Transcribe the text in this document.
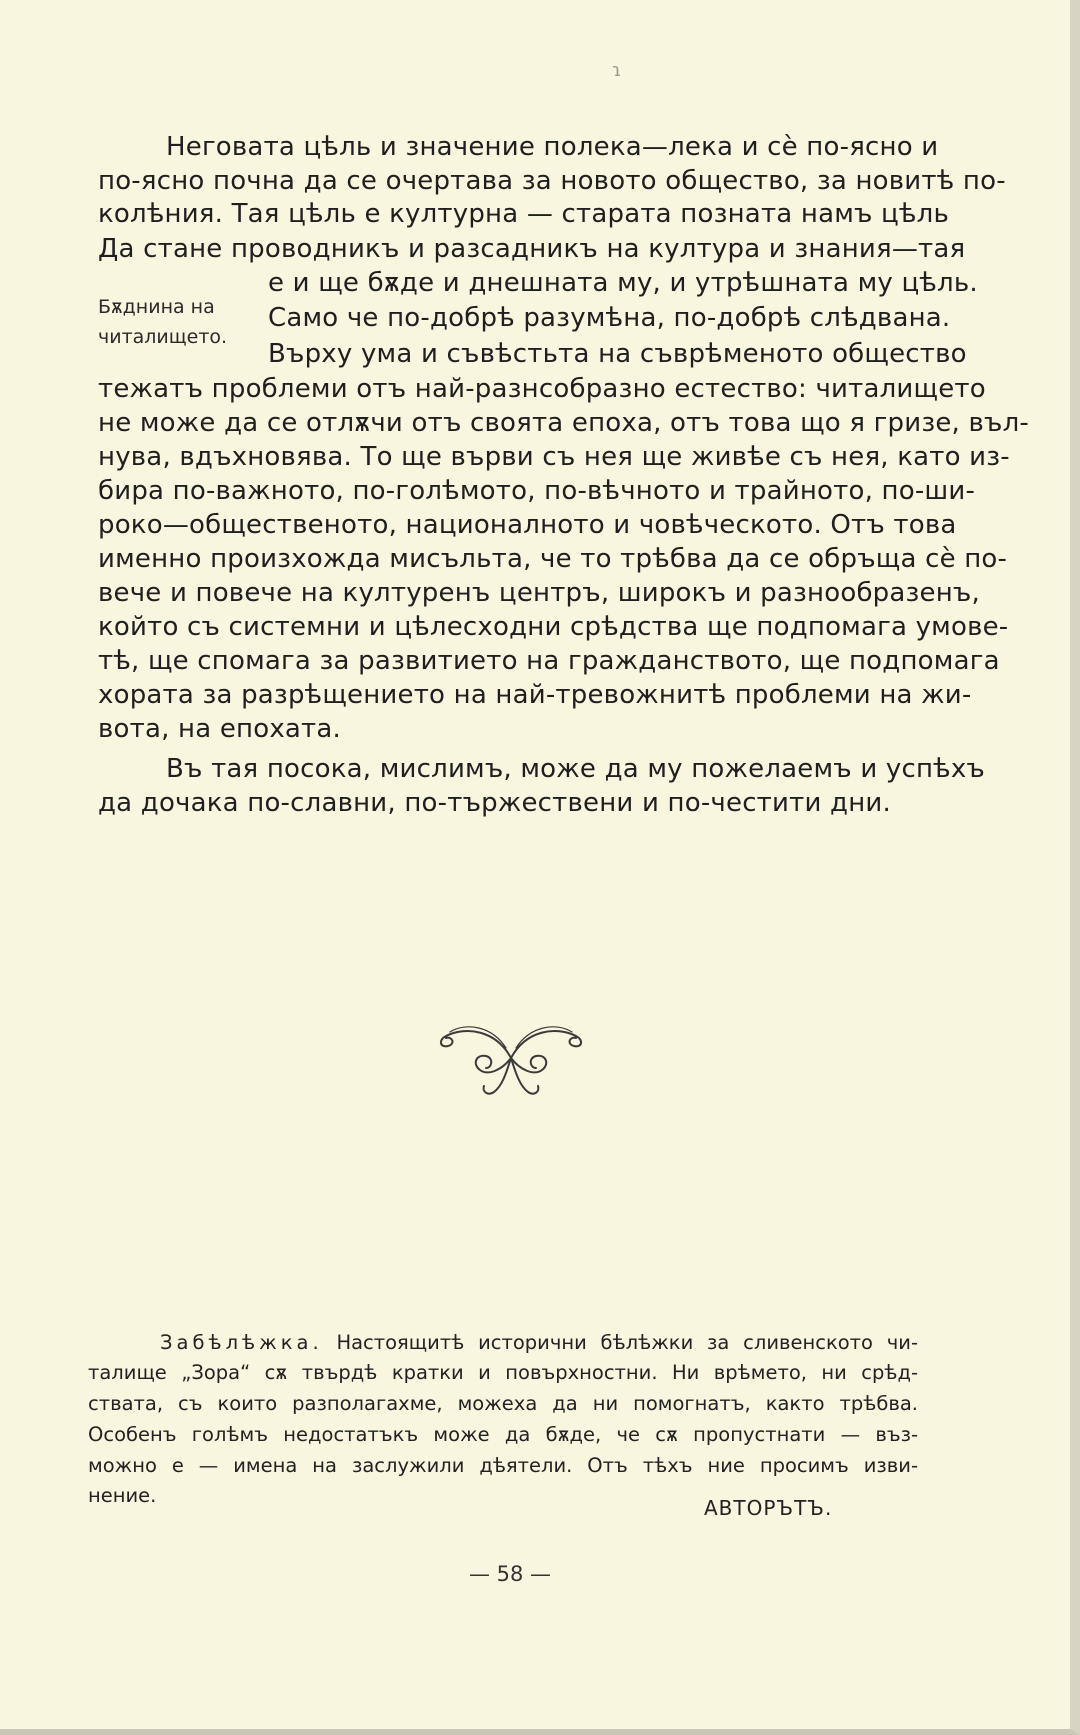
ɿ
Неговата цѣль и значение полека—лека и сѐ по-ясно и
по-ясно почна да се очертава за новото общество, за новитѣ по-
колѣния. Тая цѣль е културна — старата позната намъ цѣль
Да стане проводникъ и разсадникъ на култура и знания—тая
е и ще бѫде и днешната му, и утрѣшната му цѣль.
Само че по-добрѣ разумѣна, по-добрѣ слѣдвана.
Върху ума и съвѣстьта на съврѣменото общество
тежатъ проблеми отъ най-разнсобразно естество: читалището
не може да се отлѫчи отъ своята епоха, отъ това що я гризе, въл-
нува, вдъхновява. То ще върви съ нея ще живѣе съ нея, като из-
бира по-важното, по-голѣмото, по-вѣчното и трайното, по-ши-
роко—общественото, националното и човѣческото. Отъ това
именно произхожда мисъльта, че то трѣбва да се обръща сѐ по-
вече и повече на културенъ центръ, широкъ и разнообразенъ,
който съ системни и цѣлесходни срѣдства ще подпомага умове-
тѣ, ще спомага за развитието на гражданството, ще подпомага
хората за разрѣщението на най-тревожнитѣ проблеми на жи-
вота, на епохата.
Въ тая посока, мислимъ, може да му пожелаемъ и успѣхъ
да дочака по-славни, по-тържествени и по-честити дни.
Бѫднина на
читалището.
Забѣлѣжка. Настоящитѣ исторични бѣлѣжки за сливенското чи-
талище „Зора“ сѫ твърдѣ кратки и повърхностни. Ни врѣмето, ни срѣд-
ствата, съ които разполагахме, можеха да ни помогнатъ, както трѣбва.
Особенъ голѣмъ недостатъкъ може да бѫде, че сѫ пропустнати — въз-
можно е — имена на заслужили дѣятели. Отъ тѣхъ ние просимъ изви-
нение.
АВТОРЪТЪ.
— 58 —
